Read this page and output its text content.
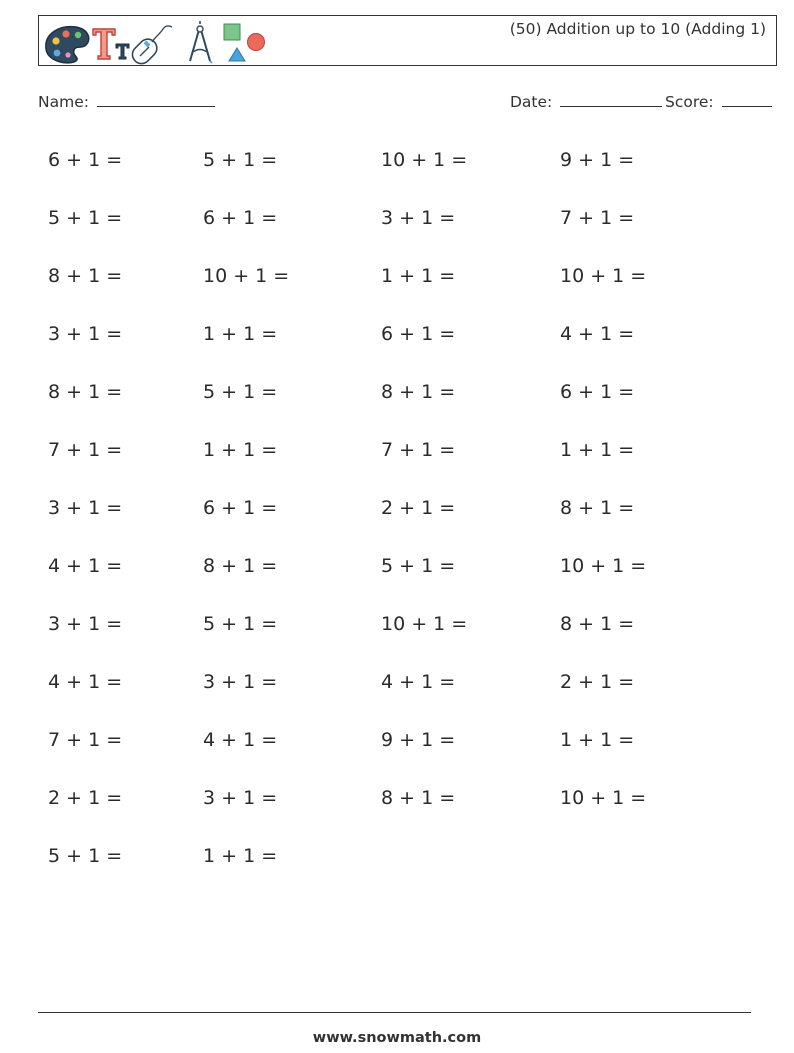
(50) Addition up to 10 (Adding 1)
Name:	Date:	Score:
6 + 1 =	5 + 1 =	10 + 1 =	9 + 1 =
5 + 1 =	6 + 1 =	3 + 1 =	7 + 1 =
8 + 1 =	10 + 1 =	1 + 1 =	10 + 1 =
3 + 1 =	1 + 1 =	6 + 1 =	4 + 1 =
8 + 1 =	5 + 1 =	8 + 1 =	6 + 1 =
7 + 1 =	1 + 1 =	7 + 1 =	1 + 1 =
3 + 1 =	6 + 1 =	2 + 1 =	8 + 1 =
4 + 1 =	8 + 1 =	5 + 1 =	10 + 1 =
3 + 1 =	5 + 1 =	10 + 1 =	8 + 1 =
4 + 1 =	3 + 1 =	4 + 1 =	2 + 1 =
7 + 1 =	4 + 1 =	9 + 1 =	1 + 1 =
2 + 1 =	3 + 1 =	8 + 1 =	10 + 1 =
5 + 1 =	1 + 1 =
www.snowmath.com
